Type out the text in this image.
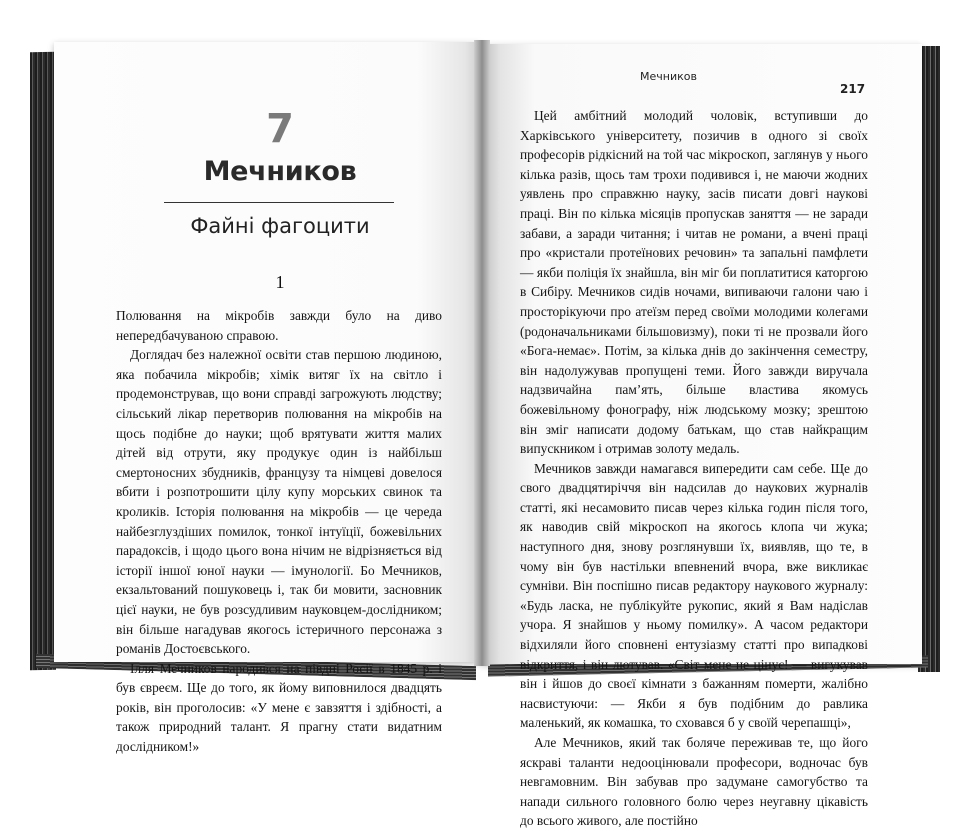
7
Мечников
Файні фагоцити
1

Полювання на мікробів завжди було на диво непередбачуваною справою.

Доглядач без належної освіти став першою людиною, яка побачила мікробів; хімік витяг їх на світло і продемонстрував, що вони справді загрожують людству; сільський лікар перетворив полювання на мікробів на щось подібне до науки; щоб врятувати життя малих дітей від отрути, яку продукує один із найбільш смертоносних збудників, французу та німцеві довелося вбити і розпотрошити цілу купу морських свинок та кроликів. Історія полювання на мікробів — це череда найбезглуздіших помилок, тонкої інтуїції, божевільних парадоксів, і щодо цього вона нічим не відрізняється від історії іншої юної науки — імунології. Бо Мечников, екзальтований пошуковець і, так би мовити, засновник цієї науки, не був розсудливим науковцем-дослідником; він більше нагадував якогось істеричного персонажа з романів Достоєвського.

Ілля Мечников народився на півдні Росії в 1845 р. і був євреєм. Ще до того, як йому виповнилося двадцять років, він проголосив: «У мене є завзяття і здібності, а також природний талант. Я прагну стати видатним дослідником!»

Мечников
217

Цей амбітний молодий чоловік, вступивши до Харківського університету, позичив в одного зі своїх професорів рідкісний на той час мікроскоп, заглянув у нього кілька разів, щось там трохи подивився і, не маючи жодних уявлень про справжню науку, засів писати довгі наукові праці. Він по кілька місяців пропускав заняття — не заради забави, а заради читання; і читав не романи, а вчені праці про «кристали протеїнових речовин» та запальні памфлети — якби поліція їх знайшла, він міг би поплатитися каторгою в Сибіру. Мечников сидів ночами, випиваючи галони чаю і просторікуючи про атеїзм перед своїми молодими колегами (родоначальниками більшовизму), поки ті не прозвали його «Бога-немає». Потім, за кілька днів до закінчення семестру, він надолужував пропущені теми. Його завжди виручала надзвичайна пам’ять, більше властива якомусь божевільному фонографу, ніж людському мозку; зрештою він зміг написати додому батькам, що став найкращим випускником і отримав золоту медаль.

Мечников завжди намагався випередити сам себе. Ще до свого двадцятиріччя він надсилав до наукових журналів статті, які несамовито писав через кілька годин після того, як наводив свій мікроскоп на якогось клопа чи жука; наступного дня, знову розглянувши їх, виявляв, що те, в чому він був настільки впевнений вчора, вже викликає сумніви. Він поспішно писав редактору наукового журналу: «Будь ласка, не публікуйте рукопис, який я Вам надіслав учора. Я знайшов у ньому помилку». А часом редактори відхиляли його сповнені ентузіазму статті про випадкові відкриття, і він лютував. «Світ мене не цінує! — вигукував він і йшов до своєї кімнати з бажанням померти, жалібно насвистуючи: — Якби я був подібним до равлика маленький, як комашка, то сховався б у своїй черепашці»,

Але Мечников, який так боляче переживав те, що його яскраві таланти недооцінювали професори, водночас був невгамовним. Він забував про задумане самогубство та напади сильного головного болю через неугавну цікавість до всього живого, але постійно
